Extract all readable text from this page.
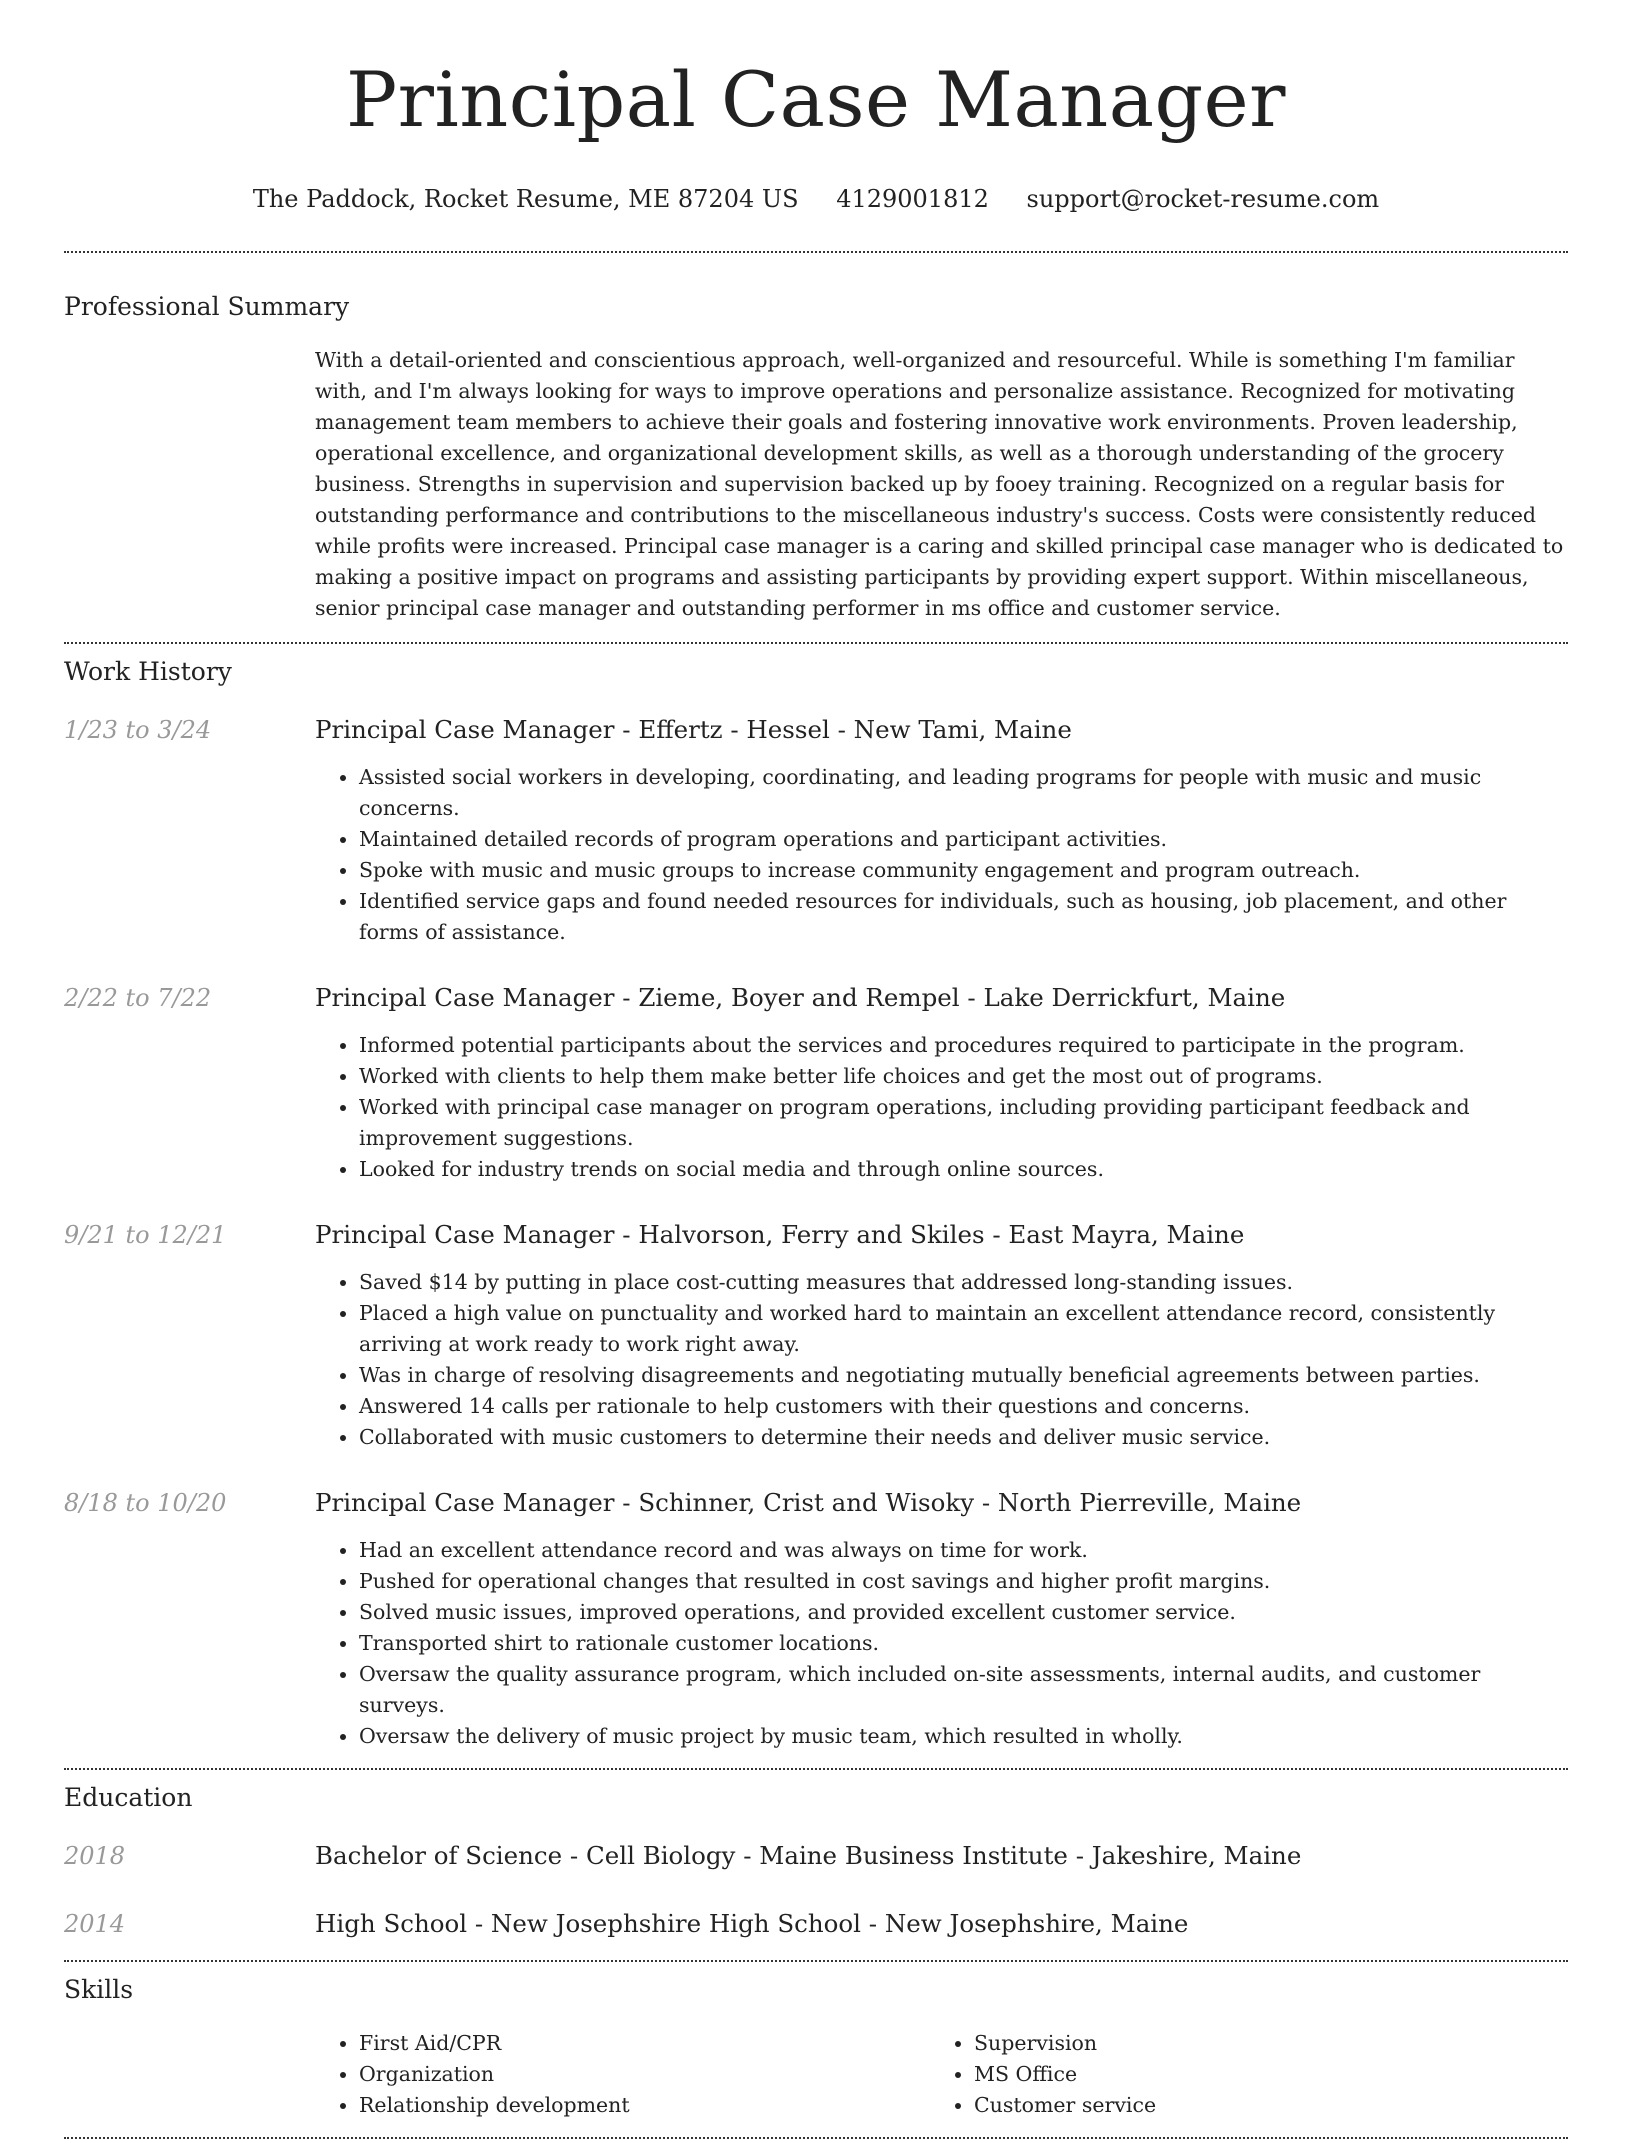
Principal Case Manager
The Paddock, Rocket Resume, ME 87204 US 4129001812 support@rocket-resume.com
Professional Summary
With a detail-oriented and conscientious approach, well-organized and resourceful. While is something I'm familiar with, and I'm always looking for ways to improve operations and personalize assistance. Recognized for motivating management team members to achieve their goals and fostering innovative work environments. Proven leadership, operational excellence, and organizational development skills, as well as a thorough understanding of the grocery business. Strengths in supervision and supervision backed up by fooey training. Recognized on a regular basis for outstanding performance and contributions to the miscellaneous industry's success. Costs were consistently reduced while profits were increased. Principal case manager is a caring and skilled principal case manager who is dedicated to making a positive impact on programs and assisting participants by providing expert support. Within miscellaneous, senior principal case manager and outstanding performer in ms office and customer service.
Work History
1/23 to 3/24	Principal Case Manager - Effertz - Hessel - New Tami, Maine
• Assisted social workers in developing, coordinating, and leading programs for people with music and music concerns.
• Maintained detailed records of program operations and participant activities.
• Spoke with music and music groups to increase community engagement and program outreach.
• Identified service gaps and found needed resources for individuals, such as housing, job placement, and other forms of assistance.
2/22 to 7/22	Principal Case Manager - Zieme, Boyer and Rempel - Lake Derrickfurt, Maine
• Informed potential participants about the services and procedures required to participate in the program.
• Worked with clients to help them make better life choices and get the most out of programs.
• Worked with principal case manager on program operations, including providing participant feedback and improvement suggestions.
• Looked for industry trends on social media and through online sources.
9/21 to 12/21	Principal Case Manager - Halvorson, Ferry and Skiles - East Mayra, Maine
• Saved $14 by putting in place cost-cutting measures that addressed long-standing issues.
• Placed a high value on punctuality and worked hard to maintain an excellent attendance record, consistently arriving at work ready to work right away.
• Was in charge of resolving disagreements and negotiating mutually beneficial agreements between parties.
• Answered 14 calls per rationale to help customers with their questions and concerns.
• Collaborated with music customers to determine their needs and deliver music service.
8/18 to 10/20	Principal Case Manager - Schinner, Crist and Wisoky - North Pierreville, Maine
• Had an excellent attendance record and was always on time for work.
• Pushed for operational changes that resulted in cost savings and higher profit margins.
• Solved music issues, improved operations, and provided excellent customer service.
• Transported shirt to rationale customer locations.
• Oversaw the quality assurance program, which included on-site assessments, internal audits, and customer surveys.
• Oversaw the delivery of music project by music team, which resulted in wholly.
Education
2018	Bachelor of Science - Cell Biology - Maine Business Institute - Jakeshire, Maine
2014	High School - New Josephshire High School - New Josephshire, Maine
Skills
• First Aid/CPR
• Organization
• Relationship development
• Supervision
• MS Office
• Customer service
